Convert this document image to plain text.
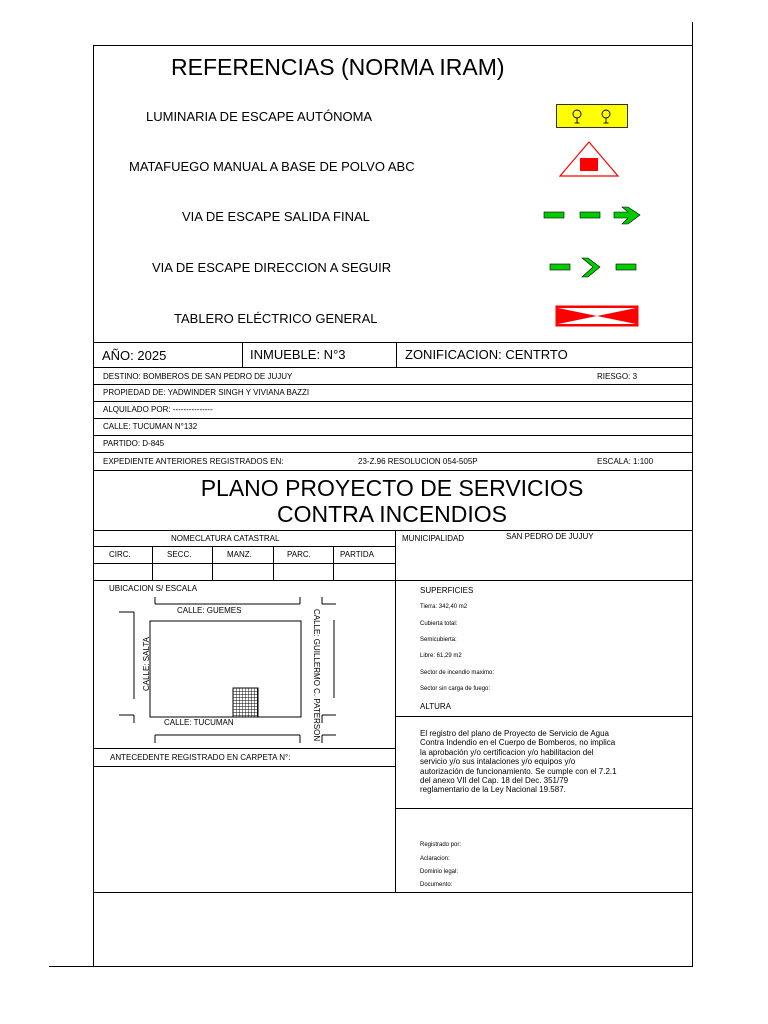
REFERENCIAS (NORMA IRAM)
LUMINARIA DE ESCAPE AUTÓNOMA
MATAFUEGO MANUAL A BASE DE POLVO ABC
VIA DE ESCAPE SALIDA FINAL
VIA DE ESCAPE DIRECCION A SEGUIR
TABLERO ELÉCTRICO GENERAL
AÑO: 2025	INMUEBLE: N°3	ZONIFICACION: CENTRTO
DESTINO: BOMBEROS DE SAN PEDRO DE JUJUY	RIESGO: 3
PROPIEDAD DE: YADWINDER SINGH Y VIVIANA BAZZI
ALQUILADO POR: ---------------
CALLE: TUCUMAN N°132
PARTIDO: D-845
EXPEDIENTE ANTERIORES REGISTRADOS EN:	23-Z.96 RESOLUCION 054-505P	ESCALA: 1:100
PLANO PROYECTO DE SERVICIOS
CONTRA INCENDIOS
NOMECLATURA CATASTRAL
CIRC.	SECC.	MANZ.	PARC.	PARTIDA
MUNICIPALIDAD	SAN PEDRO DE JUJUY
UBICACION S/ ESCALA
CALLE: GUEMES
CALLE: TUCUMAN
CALLE: SALTA	CALLE: GUILLERMO C. PATERSON
SUPERFICIES
Tierra: 342,40 m2
Cubierta total:
Semicubierta:
Libre: 61,29 m2
Sector de incendio maximo:
Sector sin carga de fuego:
ALTURA
ANTECEDENTE REGISTRADO EN CARPETA N°:
El registro del plano de Proyecto de Servicio de Agua
Contra Indendio en el Cuerpo de Bomberos, no implica
la aprobación y/o certificacion y/o habilitacion del
servicio y/o sus intalaciones y/o equipos y/o
autorización de funcionamiento. Se cumple con el 7.2.1
del anexo VII del Cap. 18 del Dec. 351/79
reglamentario de la Ley Nacional 19.587.
Registrado por:
Aclaracion:
Dominio legal:
Documento:
